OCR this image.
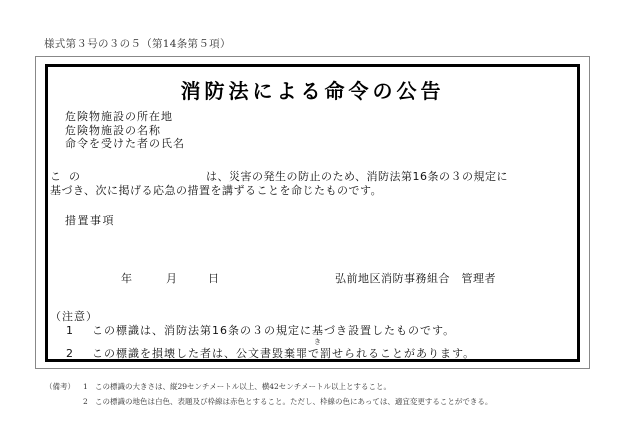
様式第３号の３の５（第14条第５項）
消防法による命令の公告
危険物施設の所在地
危険物施設の名称
命令を受けた者の氏名
この	は、災害の発生の防止のため、消防法第16条の３の規定に
基づき、次に掲げる応急の措置を講ずることを命じたものです。
措置事項
年	月	日	弘前地区消防事務組合　管理者
（注意）
1 この標識は、消防法第16条の３の規定に基づき設置したものです。
き
2 この標識を損壊した者は、公文書毀棄罪で罰せられることがあります。
（備考） 1 この標識の大きさは、縦29センチメートル以上、横42センチメートル以上とすること。
2 この標識の地色は白色、表題及び枠線は赤色とすること。ただし、枠線の色にあっては、適宜変更することができる。
